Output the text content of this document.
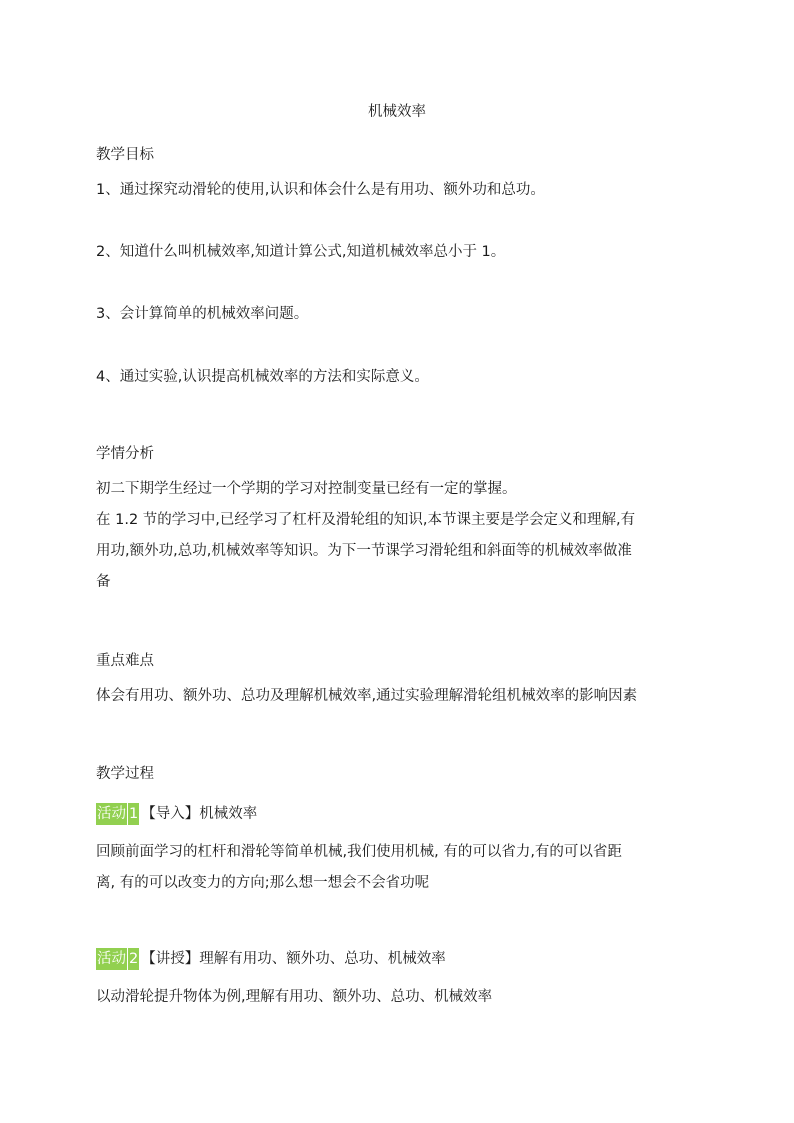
机械效率
教学目标
1、通过探究动滑轮的使用,认识和体会什么是有用功、额外功和总功。
2、知道什么叫机械效率,知道计算公式,知道机械效率总小于 1。
3、会计算简单的机械效率问题。
4、通过实验,认识提高机械效率的方法和实际意义。
学情分析
初二下期学生经过一个学期的学习对控制变量已经有一定的掌握。
在 1.2 节的学习中,已经学习了杠杆及滑轮组的知识,本节课主要是学会定义和理解,有
用功,额外功,总功,机械效率等知识。为下一节课学习滑轮组和斜面等的机械效率做准
备
重点难点
体会有用功、额外功、总功及理解机械效率,通过实验理解滑轮组机械效率的影响因素
教学过程
活动 1 【导入】机械效率
回顾前面学习的杠杆和滑轮等简单机械,我们使用机械, 有的可以省力,有的可以省距
离, 有的可以改变力的方向;那么想一想会不会省功呢
活动 2 【讲授】理解有用功、额外功、总功、机械效率
以动滑轮提升物体为例,理解有用功、额外功、总功、机械效率
